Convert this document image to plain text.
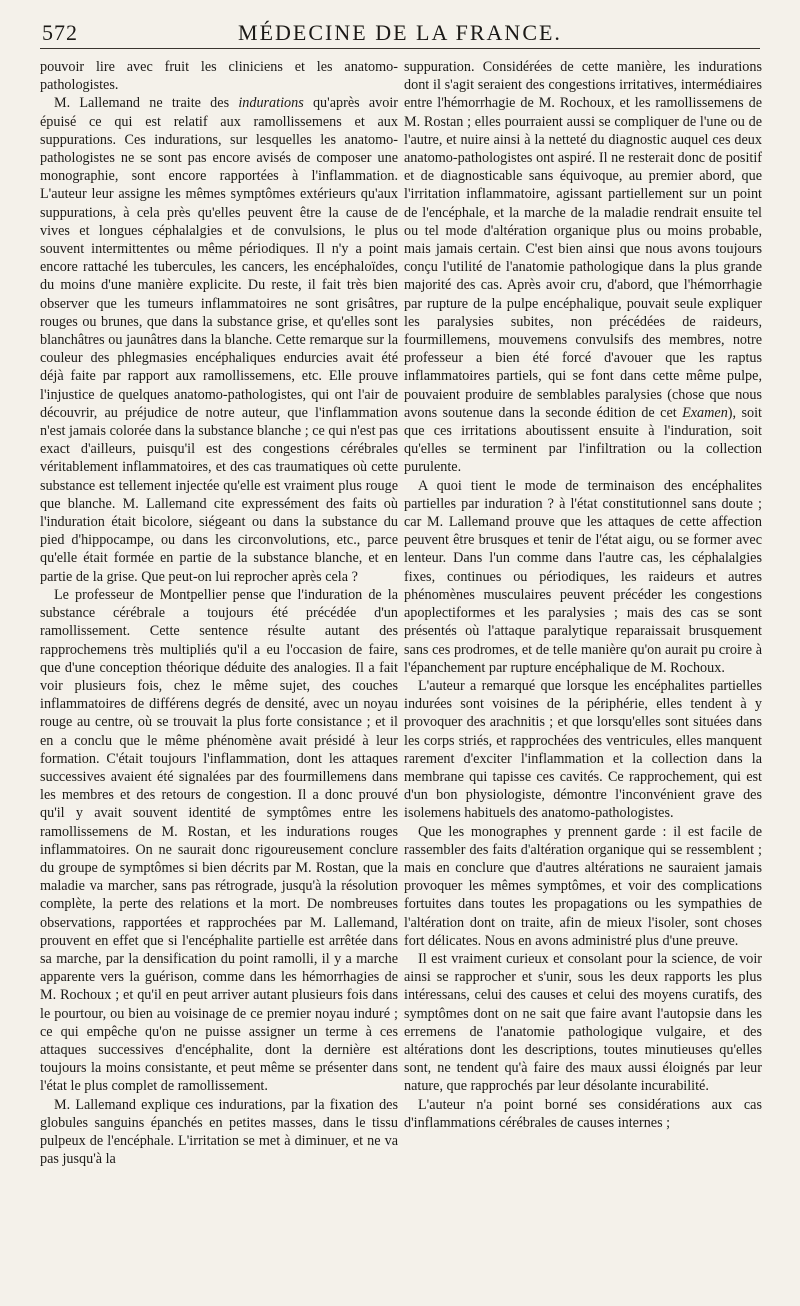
572	MÉDECINE DE LA FRANCE.

pouvoir lire avec fruit les cliniciens et les anatomo-pathologistes.

M. Lallemand ne traite des indurations qu'après avoir épuisé ce qui est relatif aux ramollissemens et aux suppurations. Ces indurations, sur lesquelles les anatomo-pathologistes ne se sont pas encore avisés de composer une monographie, sont encore rapportées à l'inflammation. L'auteur leur assigne les mêmes symptômes extérieurs qu'aux suppurations, à cela près qu'elles peuvent être la cause de vives et longues céphalalgies et de convulsions, le plus souvent intermittentes ou même périodiques. Il n'y a point encore rattaché les tubercules, les cancers, les encéphaloïdes, du moins d'une manière explicite. Du reste, il fait très bien observer que les tumeurs inflammatoires ne sont grisâtres, rouges ou brunes, que dans la substance grise, et qu'elles sont blanchâtres ou jaunâtres dans la blanche. Cette remarque sur la couleur des phlegmasies encéphaliques endurcies avait été déjà faite par rapport aux ramollissemens, etc. Elle prouve l'injustice de quelques anatomo-pathologistes, qui ont l'air de découvrir, au préjudice de notre auteur, que l'inflammation n'est jamais colorée dans la substance blanche ; ce qui n'est pas exact d'ailleurs, puisqu'il est des congestions cérébrales véritablement inflammatoires, et des cas traumatiques où cette substance est tellement injectée qu'elle est vraiment plus rouge que blanche. M. Lallemand cite expressément des faits où l'induration était bicolore, siégeant ou dans la substance du pied d'hippocampe, ou dans les circonvolutions, etc., parce qu'elle était formée en partie de la substance blanche, et en partie de la grise. Que peut-on lui reprocher après cela ?

Le professeur de Montpellier pense que l'induration de la substance cérébrale a toujours été précédée d'un ramollissement. Cette sentence résulte autant des rapprochemens très multipliés qu'il a eu l'occasion de faire, que d'une conception théorique déduite des analogies. Il a fait voir plusieurs fois, chez le même sujet, des couches inflammatoires de différens degrés de densité, avec un noyau rouge au centre, où se trouvait la plus forte consistance ; et il en a conclu que le même phénomène avait présidé à leur formation. C'était toujours l'inflammation, dont les attaques successives avaient été signalées par des fourmillemens dans les membres et des retours de congestion. Il a donc prouvé qu'il y avait souvent identité de symptômes entre les ramollissemens de M. Rostan, et les indurations rouges inflammatoires. On ne saurait donc rigoureusement conclure du groupe de symptômes si bien décrits par M. Rostan, que la maladie va marcher, sans pas rétrograde, jusqu'à la résolution complète, la perte des relations et la mort. De nombreuses observations, rapportées et rapprochées par M. Lallemand, prouvent en effet que si l'encéphalite partielle est arrêtée dans sa marche, par la densification du point ramolli, il y a marche apparente vers la guérison, comme dans les hémorrhagies de M. Rochoux ; et qu'il en peut arriver autant plusieurs fois dans le pourtour, ou bien au voisinage de ce premier noyau induré ; ce qui empêche qu'on ne puisse assigner un terme à ces attaques successives d'encéphalite, dont la dernière est toujours la moins consistante, et peut même se présenter dans l'état le plus complet de ramollissement.

M. Lallemand explique ces indurations, par la fixation des globules sanguins épanchés en petites masses, dans le tissu pulpeux de l'encéphale. L'irritation se met à diminuer, et ne va pas jusqu'à la

suppuration. Considérées de cette manière, les indurations dont il s'agit seraient des congestions irritatives, intermédiaires entre l'hémorrhagie de M. Rochoux, et les ramollissemens de M. Rostan ; elles pourraient aussi se compliquer de l'une ou de l'autre, et nuire ainsi à la netteté du diagnostic auquel ces deux anatomo-pathologistes ont aspiré. Il ne resterait donc de positif et de diagnosticable sans équivoque, au premier abord, que l'irritation inflammatoire, agissant partiellement sur un point de l'encéphale, et la marche de la maladie rendrait ensuite tel ou tel mode d'altération organique plus ou moins probable, mais jamais certain. C'est bien ainsi que nous avons toujours conçu l'utilité de l'anatomie pathologique dans la plus grande majorité des cas. Après avoir cru, d'abord, que l'hémorrhagie par rupture de la pulpe encéphalique, pouvait seule expliquer les paralysies subites, non précédées de raideurs, fourmillemens, mouvemens convulsifs des membres, notre professeur a bien été forcé d'avouer que les raptus inflammatoires partiels, qui se font dans cette même pulpe, pouvaient produire de semblables paralysies (chose que nous avons soutenue dans la seconde édition de cet Examen), soit que ces irritations aboutissent ensuite à l'induration, soit qu'elles se terminent par l'infiltration ou la collection purulente.

A quoi tient le mode de terminaison des encéphalites partielles par induration ? à l'état constitutionnel sans doute ; car M. Lallemand prouve que les attaques de cette affection peuvent être brusques et tenir de l'état aigu, ou se former avec lenteur. Dans l'un comme dans l'autre cas, les céphalalgies fixes, continues ou périodiques, les raideurs et autres phénomènes musculaires peuvent précéder les congestions apoplectiformes et les paralysies ; mais des cas se sont présentés où l'attaque paralytique reparaissait brusquement sans ces prodromes, et de telle manière qu'on aurait pu croire à l'épanchement par rupture encéphalique de M. Rochoux.

L'auteur a remarqué que lorsque les encéphalites partielles indurées sont voisines de la périphérie, elles tendent à y provoquer des arachnitis ; et que lorsqu'elles sont situées dans les corps striés, et rapprochées des ventricules, elles manquent rarement d'exciter l'inflammation et la collection dans la membrane qui tapisse ces cavités. Ce rapprochement, qui est d'un bon physiologiste, démontre l'inconvénient grave des isolemens habituels des anatomo-pathologistes.

Que les monographes y prennent garde : il est facile de rassembler des faits d'altération organique qui se ressemblent ; mais en conclure que d'autres altérations ne sauraient jamais provoquer les mêmes symptômes, et voir des complications fortuites dans toutes les propagations ou les sympathies de l'altération dont on traite, afin de mieux l'isoler, sont choses fort délicates. Nous en avons administré plus d'une preuve.

Il est vraiment curieux et consolant pour la science, de voir ainsi se rapprocher et s'unir, sous les deux rapports les plus intéressans, celui des causes et celui des moyens curatifs, des symptômes dont on ne sait que faire avant l'autopsie dans les erremens de l'anatomie pathologique vulgaire, et des altérations dont les descriptions, toutes minutieuses qu'elles sont, ne tendent qu'à faire des maux aussi éloignés par leur nature, que rapprochés par leur désolante incurabilité.

L'auteur n'a point borné ses considérations aux cas d'inflammations cérébrales de causes internes ;
